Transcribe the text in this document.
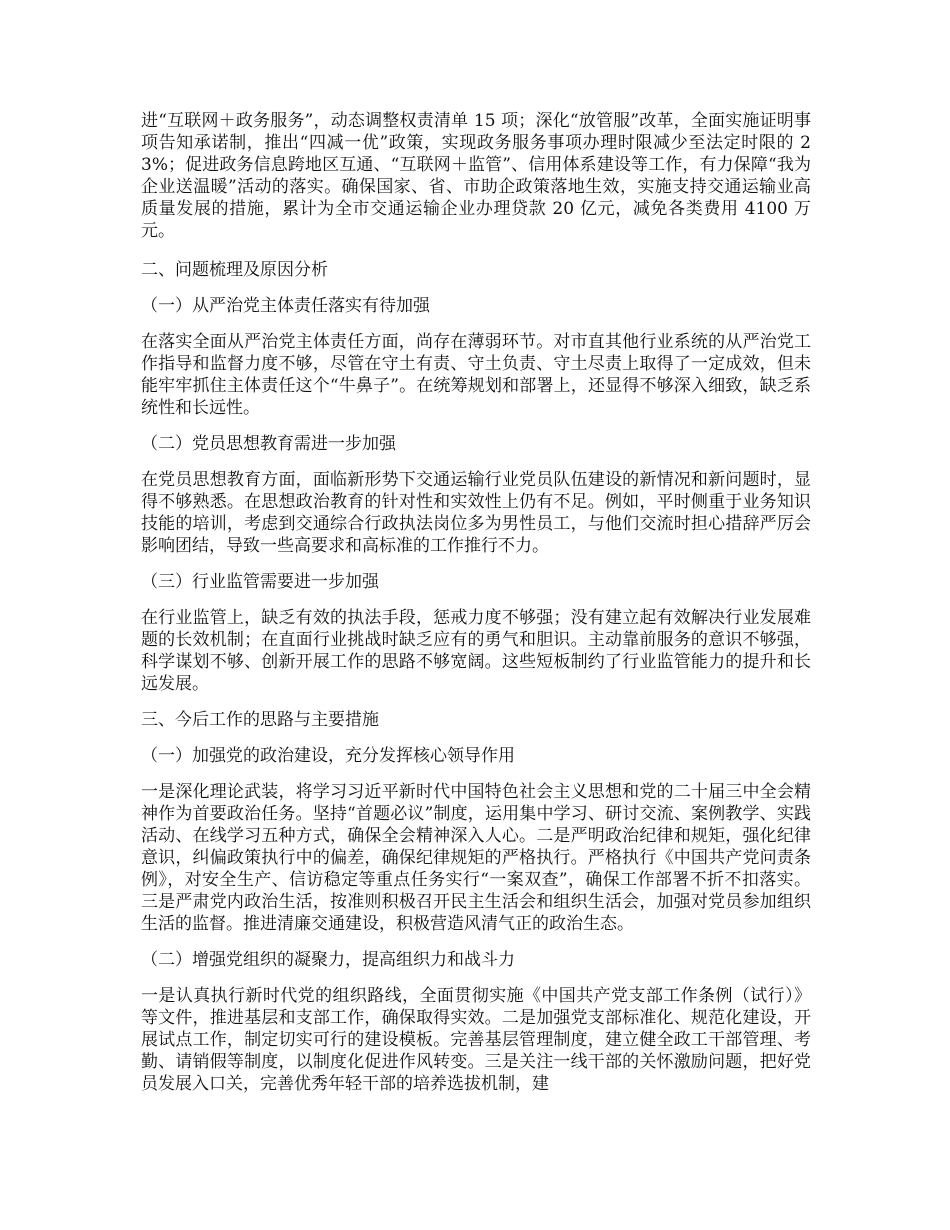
进“互联网＋政务服务”，动态调整权责清单 15 项；深化“放管服”改革，全面实施证明事项告知承诺制，推出“四减一优”政策，实现政务服务事项办理时限减少至法定时限的 23%；促进政务信息跨地区互通、“互联网＋监管”、信用体系建设等工作，有力保障“我为企业送温暖”活动的落实。确保国家、省、市助企政策落地生效，实施支持交通运输业高质量发展的措施，累计为全市交通运输企业办理贷款 20 亿元，减免各类费用 4100 万元。

二、问题梳理及原因分析

（一）从严治党主体责任落实有待加强

在落实全面从严治党主体责任方面，尚存在薄弱环节。对市直其他行业系统的从严治党工作指导和监督力度不够，尽管在守土有责、守土负责、守土尽责上取得了一定成效，但未能牢牢抓住主体责任这个“牛鼻子”。在统筹规划和部署上，还显得不够深入细致，缺乏系统性和长远性。

（二）党员思想教育需进一步加强

在党员思想教育方面，面临新形势下交通运输行业党员队伍建设的新情况和新问题时，显得不够熟悉。在思想政治教育的针对性和实效性上仍有不足。例如，平时侧重于业务知识技能的培训，考虑到交通综合行政执法岗位多为男性员工，与他们交流时担心措辞严厉会影响团结，导致一些高要求和高标准的工作推行不力。

（三）行业监管需要进一步加强

在行业监管上，缺乏有效的执法手段，惩戒力度不够强；没有建立起有效解决行业发展难题的长效机制；在直面行业挑战时缺乏应有的勇气和胆识。主动靠前服务的意识不够强，科学谋划不够、创新开展工作的思路不够宽阔。这些短板制约了行业监管能力的提升和长远发展。

三、今后工作的思路与主要措施

（一）加强党的政治建设，充分发挥核心领导作用

一是深化理论武装，将学习习近平新时代中国特色社会主义思想和党的二十届三中全会精神作为首要政治任务。坚持“首题必议”制度，运用集中学习、研讨交流、案例教学、实践活动、在线学习五种方式，确保全会精神深入人心。二是严明政治纪律和规矩，强化纪律意识，纠偏政策执行中的偏差，确保纪律规矩的严格执行。严格执行《中国共产党问责条例》，对安全生产、信访稳定等重点任务实行“一案双查”，确保工作部署不折不扣落实。三是严肃党内政治生活，按准则积极召开民主生活会和组织生活会，加强对党员参加组织生活的监督。推进清廉交通建设，积极营造风清气正的政治生态。

（二）增强党组织的凝聚力，提高组织力和战斗力

一是认真执行新时代党的组织路线，全面贯彻实施《中国共产党支部工作条例（试行）》等文件，推进基层和支部工作，确保取得实效。二是加强党支部标准化、规范化建设，开展试点工作，制定切实可行的建设模板。完善基层管理制度，建立健全政工干部管理、考勤、请销假等制度，以制度化促进作风转变。三是关注一线干部的关怀激励问题，把好党员发展入口关，完善优秀年轻干部的培养选拔机制，建
